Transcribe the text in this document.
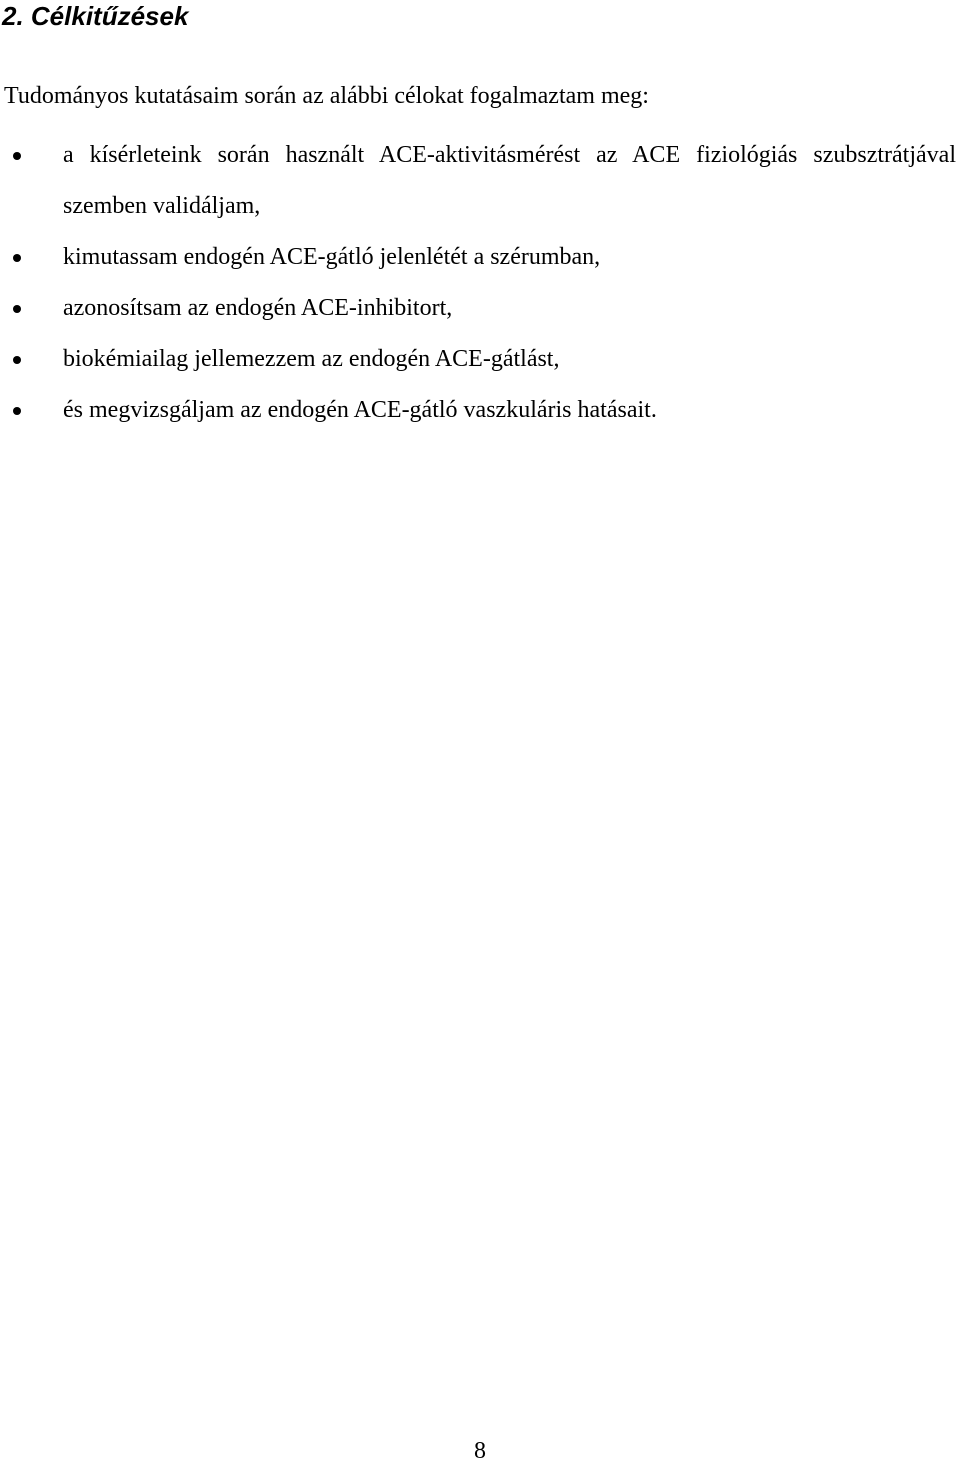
2. Célkitűzések
Tudományos kutatásaim során az alábbi célokat fogalmaztam meg:
a kísérleteink során használt ACE-aktivitásmérést az ACE fiziológiás szubsztrátjával szemben validáljam,
kimutassam endogén ACE-gátló jelenlétét a szérumban,
azonosítsam az endogén ACE-inhibitort,
biokémiailag jellemezzem az endogén ACE-gátlást,
és megvizsgáljam az endogén ACE-gátló vaszkuláris hatásait.
8
